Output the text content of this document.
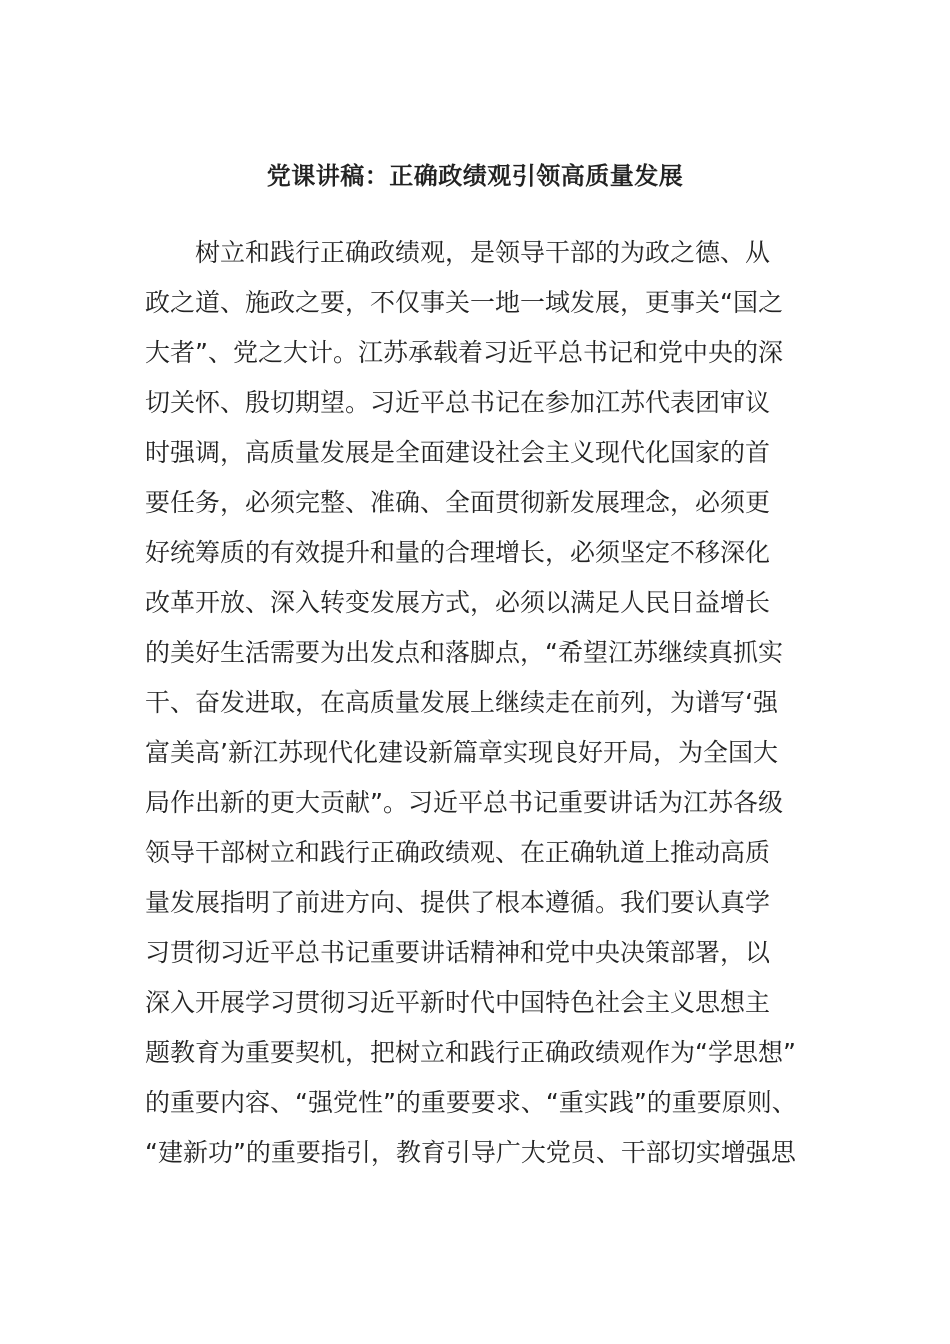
党课讲稿：正确政绩观引领高质量发展
树立和践行正确政绩观，是领导干部的为政之德、从
政之道、施政之要，不仅事关一地一域发展，更事关“国之
大者”、党之大计。江苏承载着习近平总书记和党中央的深
切关怀、殷切期望。习近平总书记在参加江苏代表团审议
时强调，高质量发展是全面建设社会主义现代化国家的首
要任务，必须完整、准确、全面贯彻新发展理念，必须更
好统筹质的有效提升和量的合理增长，必须坚定不移深化
改革开放、深入转变发展方式，必须以满足人民日益增长
的美好生活需要为出发点和落脚点，“希望江苏继续真抓实
干、奋发进取，在高质量发展上继续走在前列，为谱写‘强
富美高’新江苏现代化建设新篇章实现良好开局，为全国大
局作出新的更大贡献”。习近平总书记重要讲话为江苏各级
领导干部树立和践行正确政绩观、在正确轨道上推动高质
量发展指明了前进方向、提供了根本遵循。我们要认真学
习贯彻习近平总书记重要讲话精神和党中央决策部署，以
深入开展学习贯彻习近平新时代中国特色社会主义思想主
题教育为重要契机，把树立和践行正确政绩观作为“学思想”
的重要内容、“强党性”的重要要求、“重实践”的重要原则、
“建新功”的重要指引，教育引导广大党员、干部切实增强思
